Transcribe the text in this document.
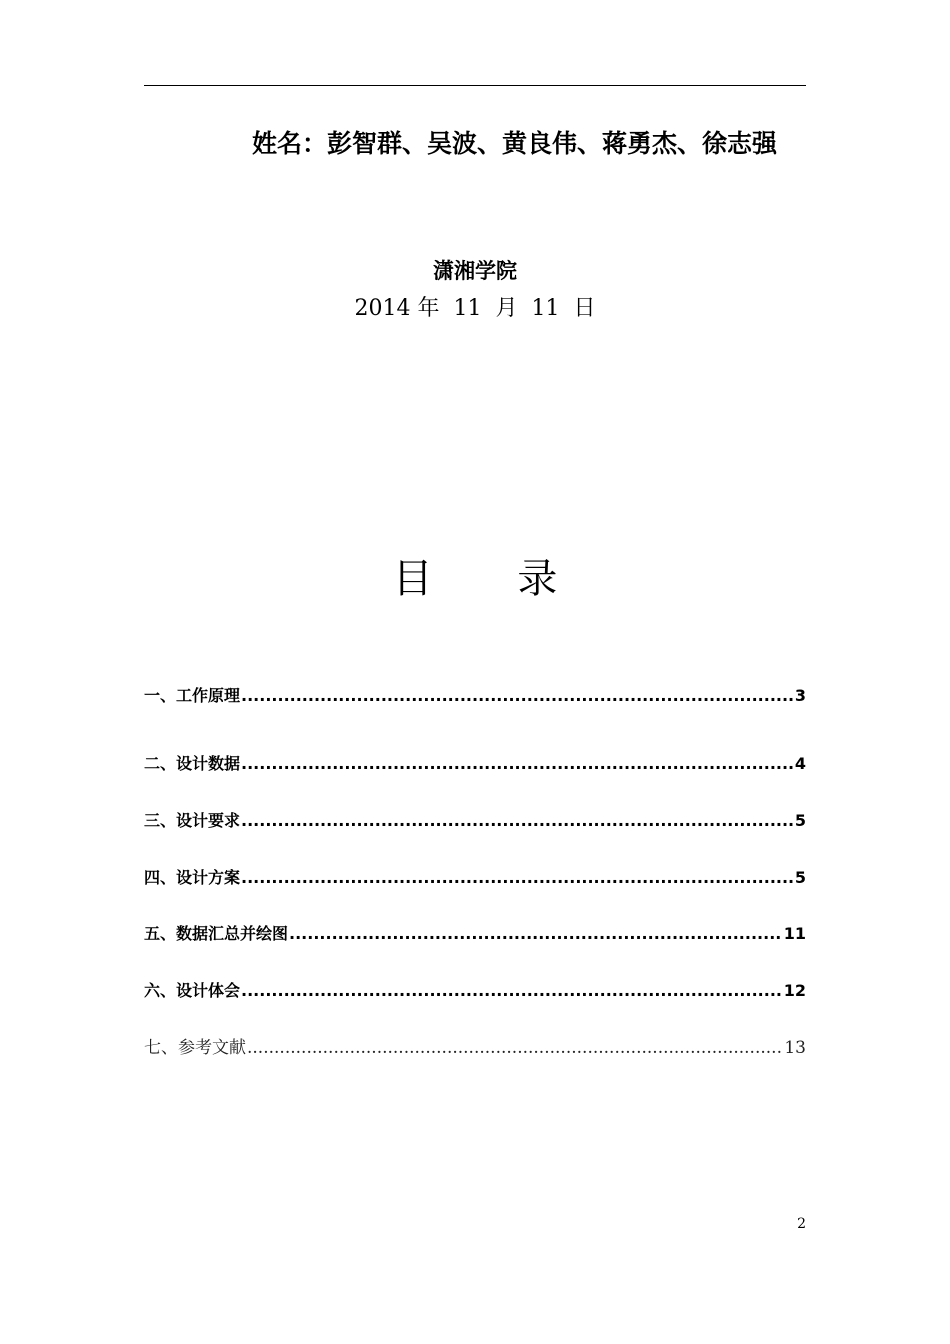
姓名：彭智群、吴波、黄良伟、蒋勇杰、徐志强
潇湘学院
2014 年  11  月  11  日
目 录
一、工作原理 .....	3
二、设计数据 .....	4
三、设计要求 .....	5
四、设计方案 .....	5
五、数据汇总并绘图 .....	11
六、设计体会 .....	12
七、参考文献 .....	13
2
